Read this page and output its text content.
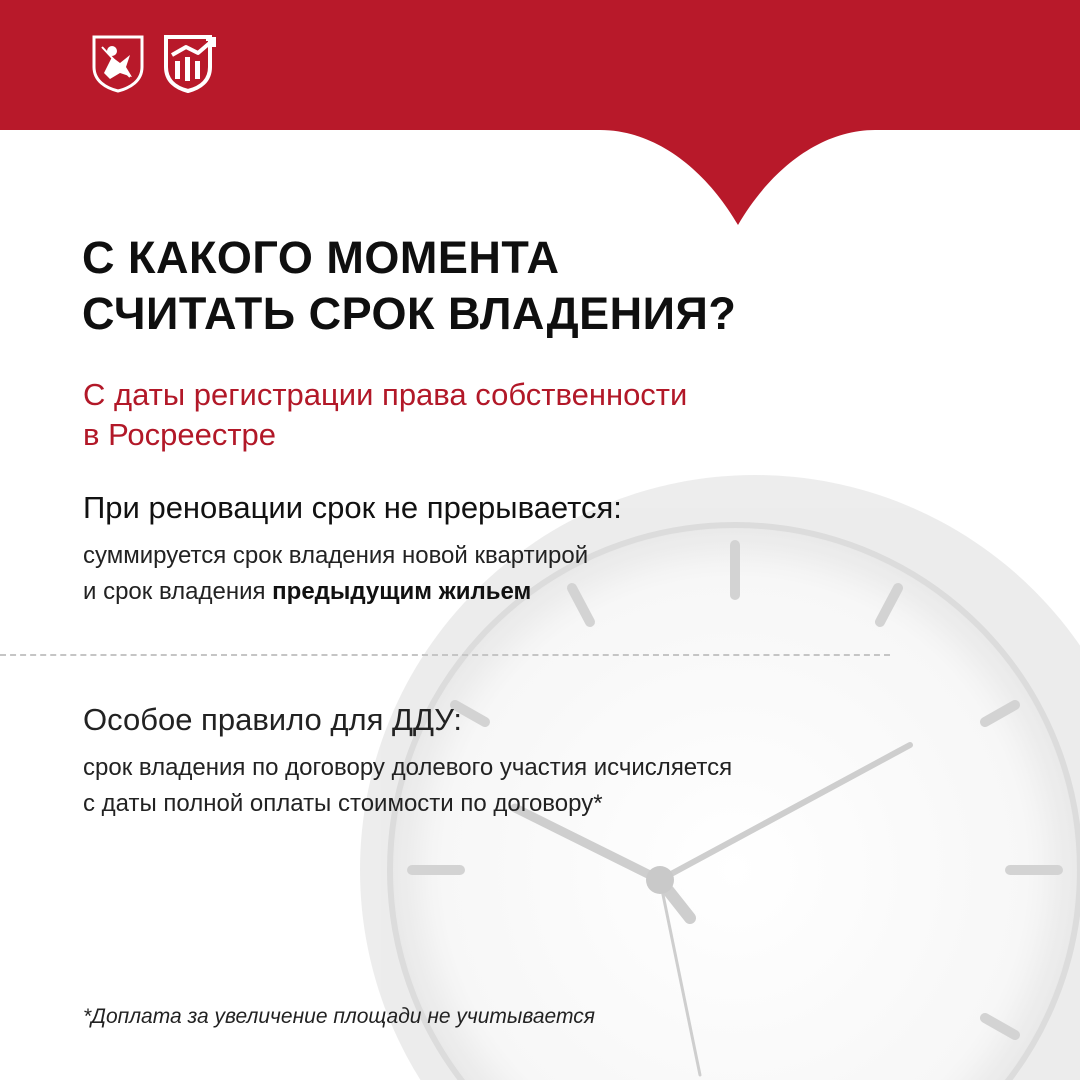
С КАКОГО МОМЕНТА
СЧИТАТЬ СРОК ВЛАДЕНИЯ?
С даты регистрации права собственности
в Росреестре
При реновации срок не прерывается:
суммируется срок владения новой квартирой
и срок владения предыдущим жильем
Особое правило для ДДУ:
срок владения по договору долевого участия исчисляется
с даты полной оплаты стоимости по договору*
*Доплата за увеличение площади не учитывается
